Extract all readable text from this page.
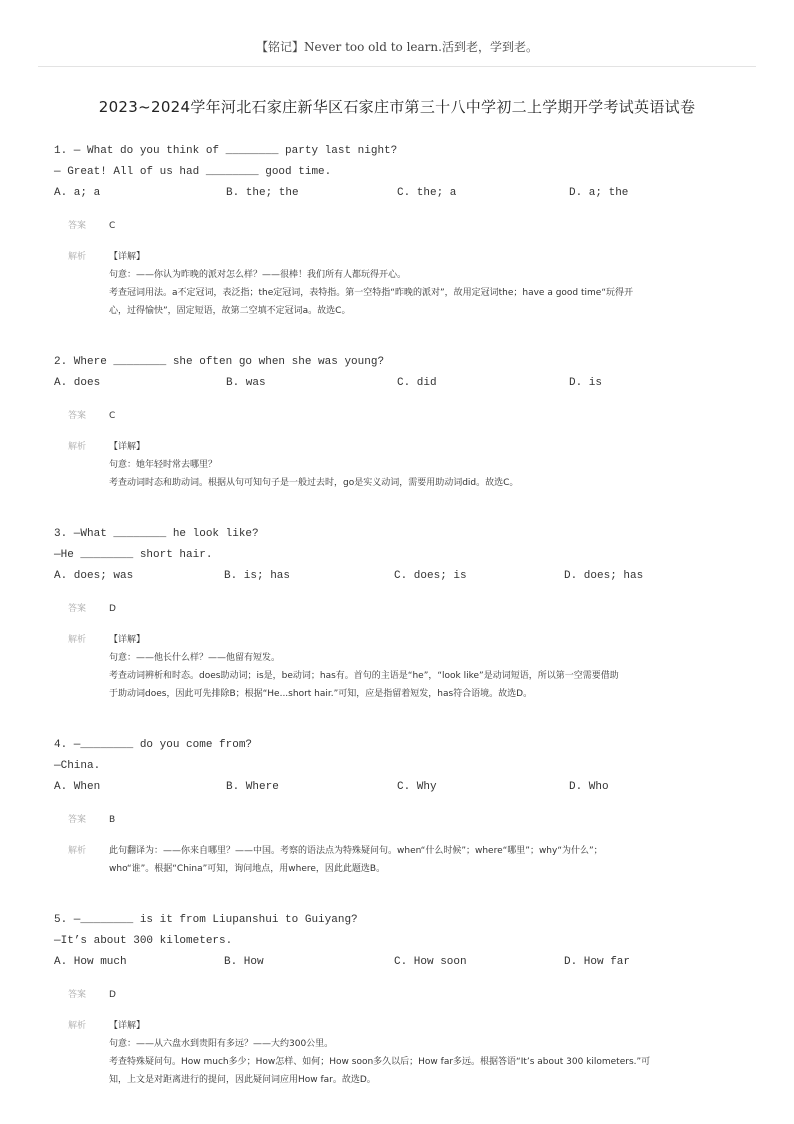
【铭记】Never too old to learn.活到老，学到老。
2023~2024学年河北石家庄新华区石家庄市第三十八中学初二上学期开学考试英语试卷
1. — What do you think of ________ party last night?
— Great! All of us had ________ good time.
A. a; a	B. the; the	C. the; a	D. a; the
答案	C
解析	【详解】
句意：——你认为昨晚的派对怎么样？——很棒！我们所有人都玩得开心。
考查冠词用法。a不定冠词，表泛指；the定冠词，表特指。第一空特指“昨晚的派对”，故用定冠词the；have a good time“玩得开
心，过得愉快”，固定短语，故第二空填不定冠词a。故选C。
2. Where ________ she often go when she was young?
A. does	B. was	C. did	D. is
答案	C
解析	【详解】
句意：她年轻时常去哪里？
考查动词时态和助动词。根据从句可知句子是一般过去时，go是实义动词，需要用助动词did。故选C。
3. —What ________ he look like?
—He ________ short hair.
A. does; was	B. is; has	C. does; is	D. does; has
答案	D
解析	【详解】
句意：——他长什么样？——他留有短发。
考查动词辨析和时态。does助动词；is是，be动词；has有。首句的主语是“he”，“look like”是动词短语，所以第一空需要借助
于助动词does，因此可先排除B；根据“He...short hair.”可知，应是指留着短发，has符合语境。故选D。
4. —________ do you come from?
—China.
A. When	B. Where	C. Why	D. Who
答案	B
解析	此句翻译为：——你来自哪里？——中国。考察的语法点为特殊疑问句。when“什么时候”；where“哪里”；why“为什么”；
who“谁”。根据“China”可知，询问地点，用where，因此此题选B。
5. —________ is it from Liupanshui to Guiyang?
—It’s about 300 kilometers.
A. How much	B. How	C. How soon	D. How far
答案	D
解析	【详解】
句意：——从六盘水到贵阳有多远？——大约300公里。
考查特殊疑问句。How much多少；How怎样、如何；How soon多久以后；How far多远。根据答语“It’s about 300 kilometers.”可
知，上文是对距离进行的提问，因此疑问词应用How far。故选D。
